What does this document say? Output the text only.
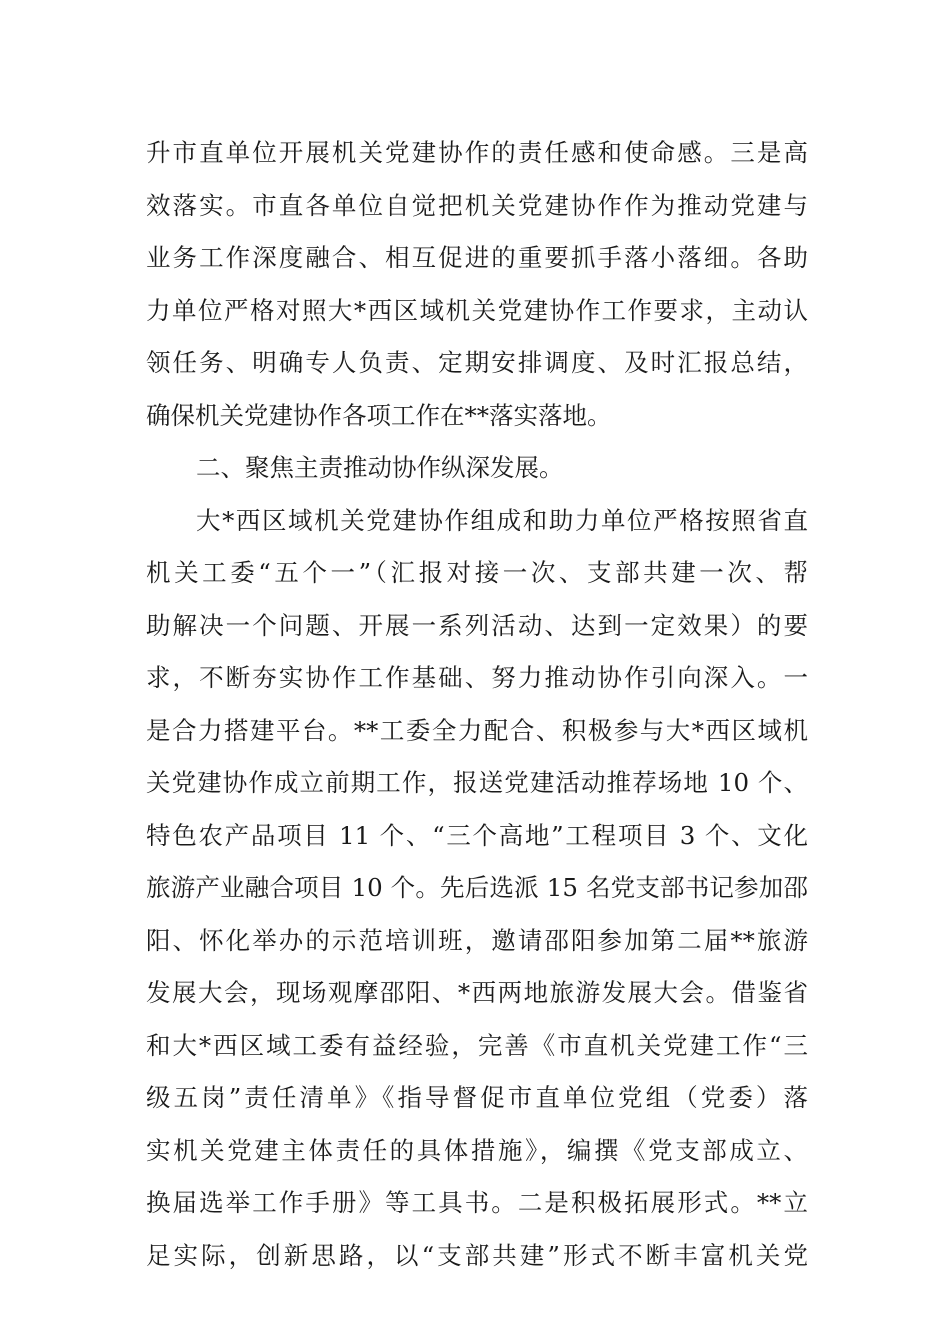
升市直单位开展机关党建协作的责任感和使命感。三是高
效落实。市直各单位自觉把机关党建协作作为推动党建与
业务工作深度融合、相互促进的重要抓手落小落细。各助
力单位严格对照大*西区域机关党建协作工作要求，主动认
领任务、明确专人负责、定期安排调度、及时汇报总结，
确保机关党建协作各项工作在**落实落地。
二、聚焦主责推动协作纵深发展。
大*西区域机关党建协作组成和助力单位严格按照省直
机关工委“五个一”（汇报对接一次、支部共建一次、帮
助解决一个问题、开展一系列活动、达到一定效果）的要
求，不断夯实协作工作基础、努力推动协作引向深入。一
是合力搭建平台。**工委全力配合、积极参与大*西区域机
关党建协作成立前期工作，报送党建活动推荐场地 10 个、
特色农产品项目 11 个、“三个高地”工程项目 3 个、文化
旅游产业融合项目 10 个。先后选派 15 名党支部书记参加邵
阳、怀化举办的示范培训班，邀请邵阳参加第二届**旅游
发展大会，现场观摩邵阳、*西两地旅游发展大会。借鉴省
和大*西区域工委有益经验，完善《市直机关党建工作“三
级五岗”责任清单》《指导督促市直单位党组（党委）落
实机关党建主体责任的具体措施》，编撰《党支部成立、
换届选举工作手册》等工具书。二是积极拓展形式。**立
足实际，创新思路，以“支部共建”形式不断丰富机关党
